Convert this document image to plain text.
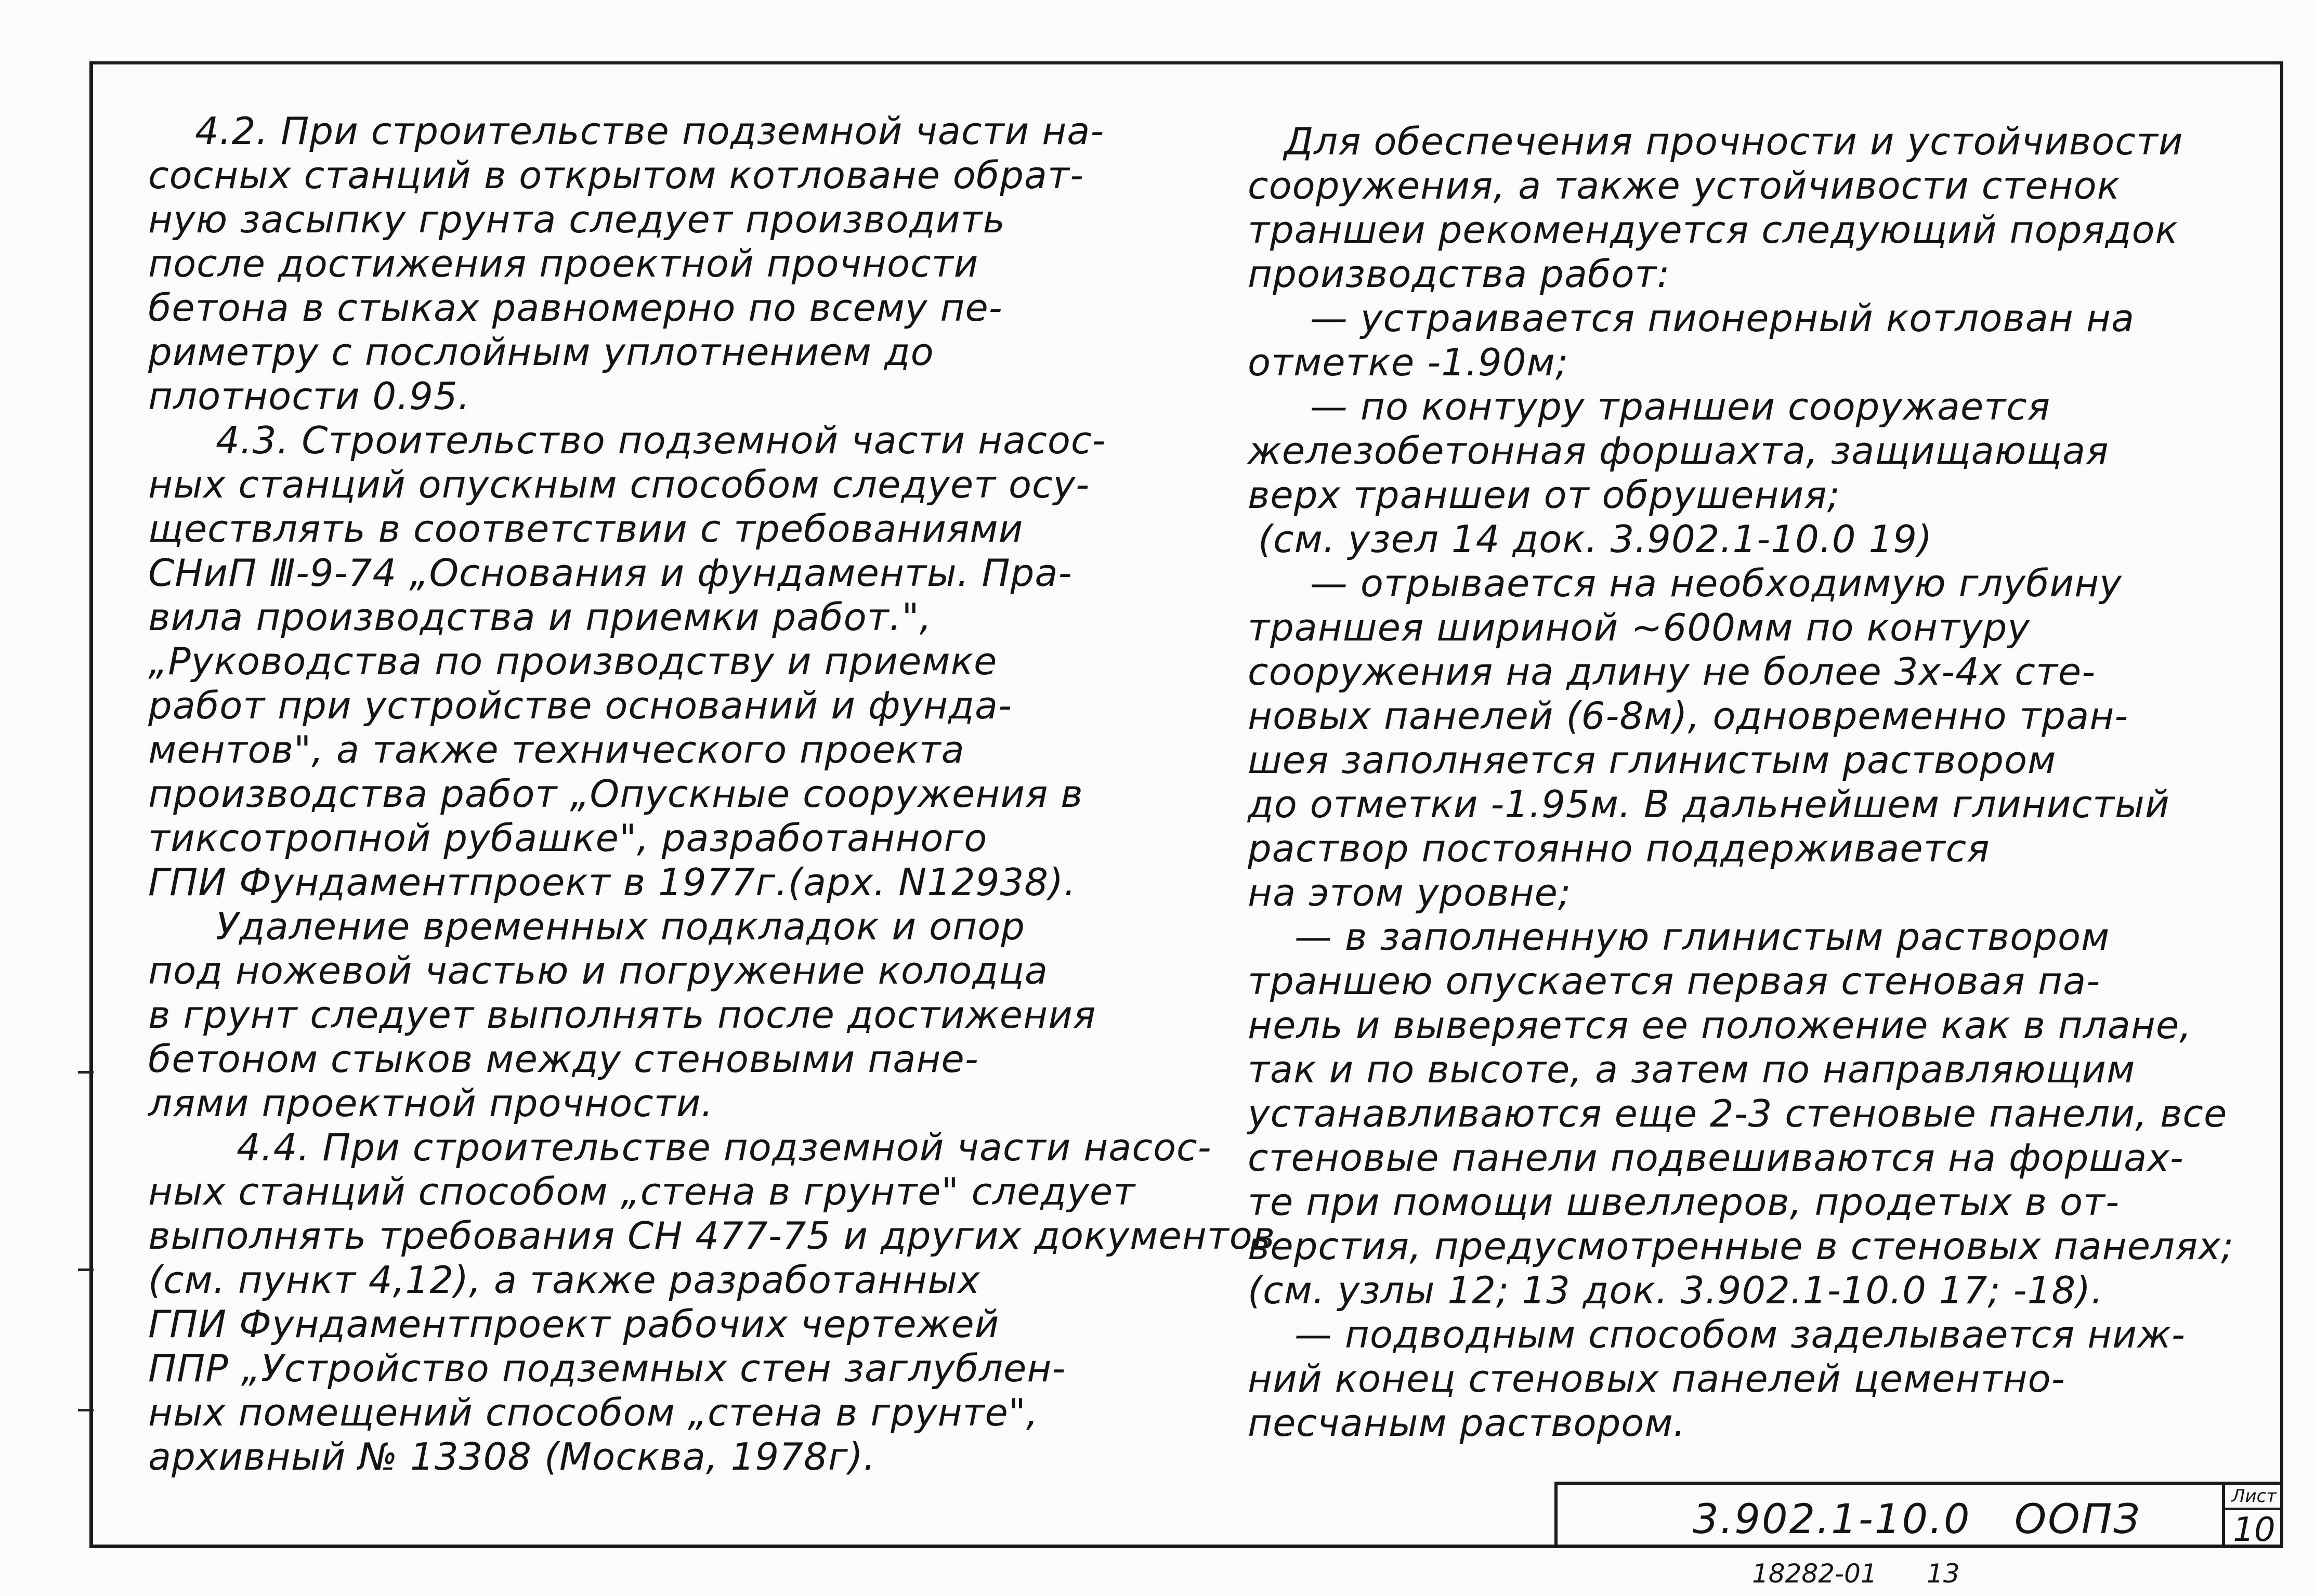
4.2. При строительстве подземной части на-
сосных станций в открытом котловане обрат-
ную засыпку грунта следует производить
после достижения проектной прочности
бетона в стыках равномерно по всему пе-
риметру с послойным уплотнением до
плотности 0.95.
4.3. Строительство подземной части насос-
ных станций опускным способом следует осу-
ществлять в соответствии с требованиями
СНиП Ⅲ-9-74 „Основания и фундаменты. Пра-
вила производства и приемки работ.",
„Руководства по производству и приемке
работ при устройстве оснований и фунда-
ментов", а также технического проекта
производства работ „Опускные сооружения в
тиксотропной рубашке", разработанного
ГПИ Фундаментпроект в 1977г.(арх. N12938).
Удаление временных подкладок и опор
под ножевой частью и погружение колодца
в грунт следует выполнять после достижения
бетоном стыков между стеновыми пане-
лями проектной прочности.
4.4. При строительстве подземной части насос-
ных станций способом „стена в грунте" следует
выполнять требования СН 477-75 и других документов
(см. пункт 4,12), а также разработанных
ГПИ Фундаментпроект рабочих чертежей
ППР „Устройство подземных стен заглублен-
ных помещений способом „стена в грунте",
архивный № 13308 (Москва, 1978г).
Для обеспечения прочности и устойчивости
сооружения, а также устойчивости стенок
траншеи рекомендуется следующий порядок
производства работ:
— устраивается пионерный котлован на
отметке -1.90м;
— по контуру траншеи сооружается
железобетонная форшахта, защищающая
верх траншеи от обрушения;
(см. узел 14 док. 3.902.1-10.0 19)
— отрывается на необходимую глубину
траншея шириной ~600мм по контуру
сооружения на длину не более 3х-4х сте-
новых панелей (6-8м), одновременно тран-
шея заполняется глинистым раствором
до отметки -1.95м. В дальнейшем глинистый
раствор постоянно поддерживается
на этом уровне;
— в заполненную глинистым раствором
траншею опускается первая стеновая па-
нель и выверяется ее положение как в плане,
так и по высоте, а затем по направляющим
устанавливаются еще 2-3 стеновые панели, все
стеновые панели подвешиваются на форшах-
те при помощи швеллеров, продетых в от-
верстия, предусмотренные в стеновых панелях;
(см. узлы 12; 13 док. 3.902.1-10.0 17; -18).
— подводным способом заделывается ниж-
ний конец стеновых панелей цементно-
песчаным раствором.
3.902.1-10.0   ООПЗ	Лист
10
18282-01      13
